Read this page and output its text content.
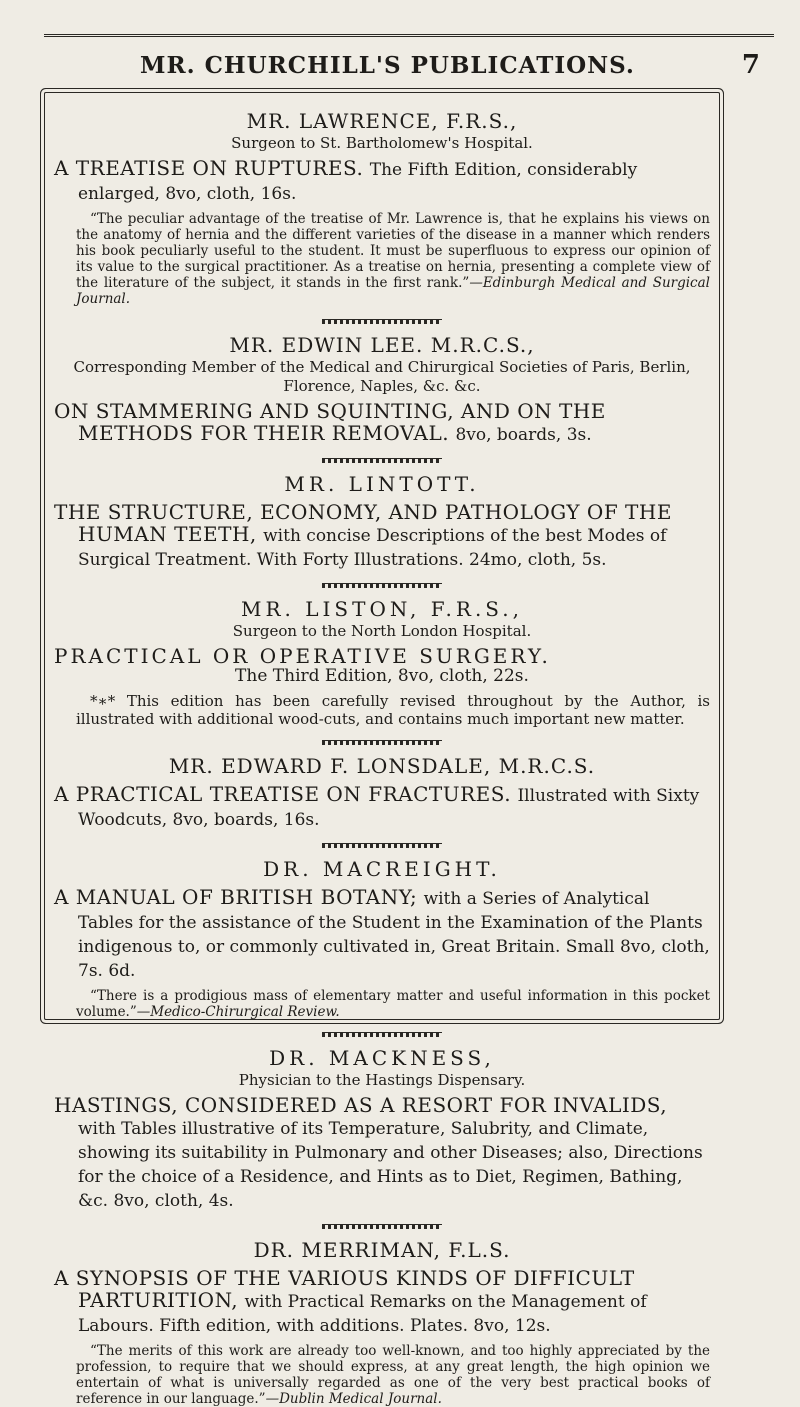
MR. CHURCHILL'S PUBLICATIONS.	7

MR. LAWRENCE, F.R.S.,

Surgeon to St. Bartholomew's Hospital.

A TREATISE ON RUPTURES. The Fifth Edition, considerably enlarged, 8vo, cloth, 16s.

“The peculiar advantage of the treatise of Mr. Lawrence is, that he explains his views on the anatomy of hernia and the different varieties of the disease in a manner which renders his book peculiarly useful to the student. It must be superfluous to express our opinion of its value to the surgical practitioner. As a treatise on hernia, presenting a complete view of the literature of the subject, it stands in the first rank.”—Edinburgh Medical and Surgical Journal.

MR. EDWIN LEE. M.R.C.S.,

Corresponding Member of the Medical and Chirurgical Societies of Paris, Berlin, Florence, Naples, &c. &c.

ON STAMMERING AND SQUINTING, AND ON THE METHODS FOR THEIR REMOVAL. 8vo, boards, 3s.

MR. LINTOTT.

THE STRUCTURE, ECONOMY, AND PATHOLOGY OF THE HUMAN TEETH, with concise Descriptions of the best Modes of Surgical Treatment. With Forty Illustrations. 24mo, cloth, 5s.

MR. LISTON, F.R.S.,

Surgeon to the North London Hospital.

PRACTICAL OR OPERATIVE SURGERY.

The Third Edition, 8vo, cloth, 22s.

*∗* This edition has been carefully revised throughout by the Author, is illustrated with additional wood-cuts, and contains much important new matter.

MR. EDWARD F. LONSDALE, M.R.C.S.

A PRACTICAL TREATISE ON FRACTURES. Illustrated with Sixty Woodcuts, 8vo, boards, 16s.

DR. MACREIGHT.

A MANUAL OF BRITISH BOTANY; with a Series of Analytical Tables for the assistance of the Student in the Examination of the Plants indigenous to, or commonly cultivated in, Great Britain. Small 8vo, cloth, 7s. 6d.

“There is a prodigious mass of elementary matter and useful information in this pocket volume.”—Medico-Chirurgical Review.

DR. MACKNESS,

Physician to the Hastings Dispensary.

HASTINGS, CONSIDERED AS A RESORT FOR INVALIDS, with Tables illustrative of its Temperature, Salubrity, and Climate, showing its suitability in Pulmonary and other Diseases; also, Directions for the choice of a Residence, and Hints as to Diet, Regimen, Bathing, &c. 8vo, cloth, 4s.

DR. MERRIMAN, F.L.S.

A SYNOPSIS OF THE VARIOUS KINDS OF DIFFICULT PARTURITION, with Practical Remarks on the Management of Labours. Fifth edition, with additions. Plates. 8vo, 12s.

“The merits of this work are already too well-known, and too highly appreciated by the profession, to require that we should express, at any great length, the high opinion we entertain of what is universally regarded as one of the very best practical books of reference in our language.”—Dublin Medical Journal.
